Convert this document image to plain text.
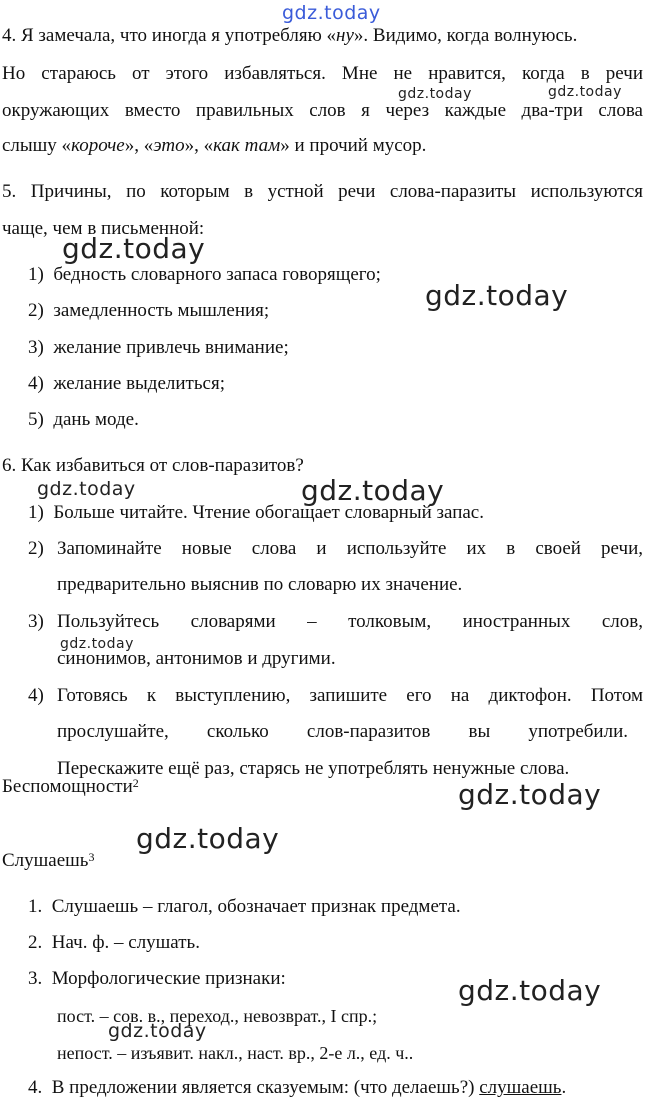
gdz.today
gdz.today	gdz.today
gdz.today
gdz.today
gdz.today	gdz.today
gdz.today
gdz.today
gdz.today
gdz.today
gdz.today
4. Я замечала, что иногда я употребляю «ну». Видимо, когда волнуюсь.
Но стараюсь от этого избавляться. Мне не нравится, когда в речи
окружающих вместо правильных слов я через каждые два-три слова
слышу «короче», «это», «как там» и прочий мусор.
5. Причины, по которым в устной речи слова-паразиты используются
чаще, чем в письменной:
1) бедность словарного запаса говорящего;
2) замедленность мышления;
3) желание привлечь внимание;
4) желание выделиться;
5) дань моде.
6. Как избавиться от слов-паразитов?
1) Больше читайте. Чтение обогащает словарный запас.
2) Запоминайте новые слова и используйте их в своей речи,
предварительно выяснив по словарю их значение.
3) Пользуйтесь словарями – толковым, иностранных слов,
синонимов, антонимов и другими.
4) Готовясь к выступлению, запишите его на диктофон. Потом
прослушайте, сколько слов-паразитов вы употребили.
Перескажите ещё раз, старясь не употреблять ненужные слова.
Беспомощности$^2$
Слушаешь$^3$
1. Слушаешь – глагол, обозначает признак предмета.
2. Нач. ф. – слушать.
3. Морфологические признаки:
пост. – сов. в., переход., невозврат., I спр.;
непост. – изъявит. накл., наст. вр., 2-е л., ед. ч..
4. В предложении является сказуемым: (что делаешь?) слушаешь.
